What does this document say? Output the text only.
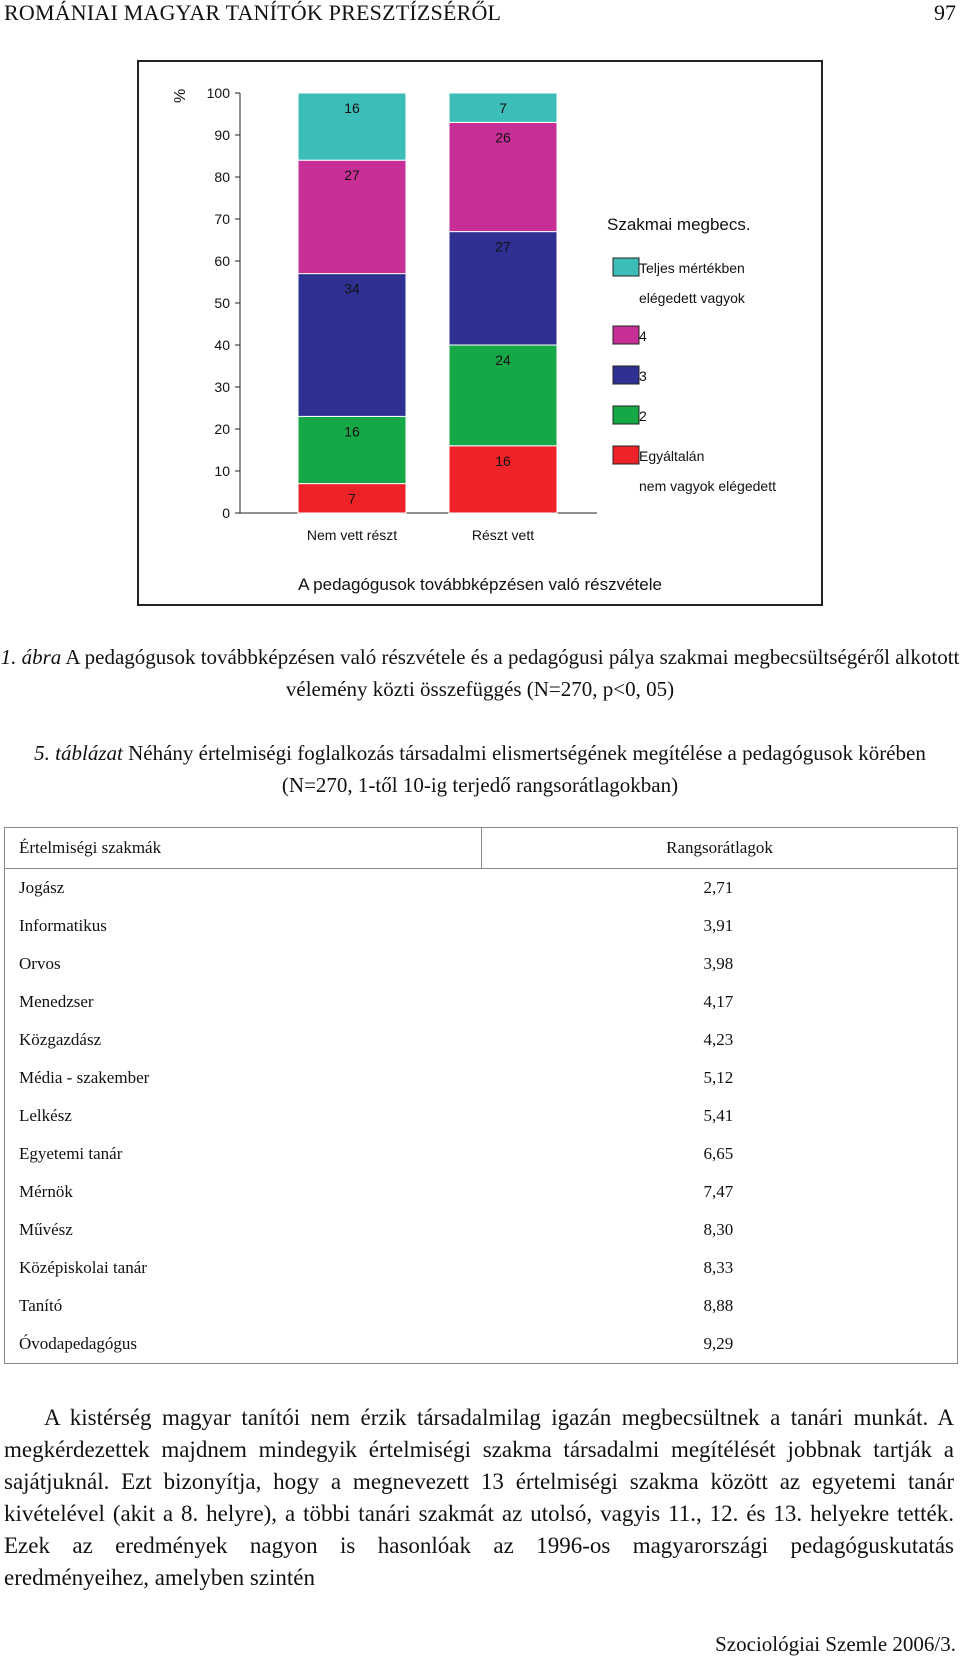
ROMÁNIAI MAGYAR TANÍTÓK PRESZTÍZSÉRŐL	97
0
10
20
30
40
50
60
70
80
90
100
%
7
16
34
27
16
Nem vett részt
16
24
27
26
7
Részt vett
A pedagógusok továbbképzésen való részvétele
Szakmai megbecs.
Teljes mértékben
elégedett vagyok
4
3
2
Egyáltalán
nem vagyok elégedett
1. ábra A pedagógusok továbbképzésen való részvétele és a pedagógusi pálya szakmai megbecsültségéről alkotott vélemény közti összefüggés (N=270, p<0, 05)
5. táblázat Néhány értelmiségi foglalkozás társadalmi elismertségének megítélése a pedagógusok körében (N=270, 1-től 10-ig terjedő rangsorátlagokban)
Értelmiségi szakmák	Rangsorátlagok
Jogász	2,71
Informatikus	3,91
Orvos	3,98
Menedzser	4,17
Közgazdász	4,23
Média - szakember	5,12
Lelkész	5,41
Egyetemi tanár	6,65
Mérnök	7,47
Művész	8,30
Középiskolai tanár	8,33
Tanító	8,88
Óvodapedagógus	9,29

A kistérség magyar tanítói nem érzik társadalmilag igazán megbecsültnek a tanári munkát. A megkérdezettek majdnem mindegyik értelmiségi szakma társadalmi megítélését jobbnak tartják a sajátjuknál. Ezt bizonyítja, hogy a megnevezett 13 értelmiségi szakma között az egyetemi tanár kivételével (akit a 8. helyre), a többi tanári szakmát az utolsó, vagyis 11., 12. és 13. helyekre tették. Ezek az eredmények nagyon is hasonlóak az 1996-os magyarországi pedagóguskutatás eredményeihez, amelyben szintén

Szociológiai Szemle 2006/3.
